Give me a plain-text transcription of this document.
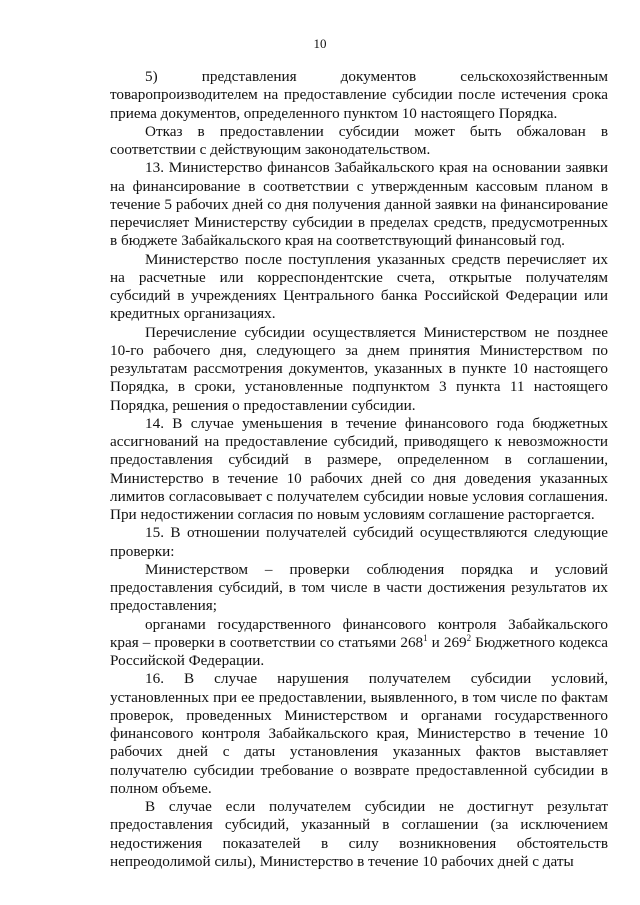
10

5) представления документов сельскохозяйственным товаропроизводителем на предоставление субсидии после истечения срока приема документов, определенного пунктом 10 настоящего Порядка.

Отказ в предоставлении субсидии может быть обжалован в соответствии с действующим законодательством.

13. Министерство финансов Забайкальского края на основании заявки на финансирование в соответствии с утвержденным кассовым планом в течение 5 рабочих дней со дня получения данной заявки на финансирование перечисляет Министерству субсидии в пределах средств, предусмотренных в бюджете Забайкальского края на соответствующий финансовый год.

Министерство после поступления указанных средств перечисляет их на расчетные или корреспондентские счета, открытые получателям субсидий в учреждениях Центрального банка Российской Федерации или кредитных организациях.

Перечисление субсидии осуществляется Министерством не позднее 10-го рабочего дня, следующего за днем принятия Министерством по результатам рассмотрения документов, указанных в пункте 10 настоящего Порядка, в сроки, установленные подпунктом 3 пункта 11 настоящего Порядка, решения о предоставлении субсидии.

14. В случае уменьшения в течение финансового года бюджетных ассигнований на предоставление субсидий, приводящего к невозможности предоставления субсидий в размере, определенном в соглашении, Министерство в течение 10 рабочих дней со дня доведения указанных лимитов согласовывает с получателем субсидии новые условия соглашения. При недостижении согласия по новым условиям соглашение расторгается.

15. В отношении получателей субсидий осуществляются следующие проверки:

Министерством – проверки соблюдения порядка и условий предоставления субсидий, в том числе в части достижения результатов их предоставления;

органами государственного финансового контроля Забайкальского края – проверки в соответствии со статьями $268^1$ и $269^2$ Бюджетного кодекса Российской Федерации.

16. В случае нарушения получателем субсидии условий, установленных при ее предоставлении, выявленного, в том числе по фактам проверок, проведенных Министерством и органами государственного финансового контроля Забайкальского края, Министерство в течение 10 рабочих дней с даты установления указанных фактов выставляет получателю субсидии требование о возврате предоставленной субсидии в полном объеме.

В случае если получателем субсидии не достигнут результат предоставления субсидий, указанный в соглашении (за исключением недостижения показателей в силу возникновения обстоятельств непреодолимой силы), Министерство в течение 10 рабочих дней с даты
